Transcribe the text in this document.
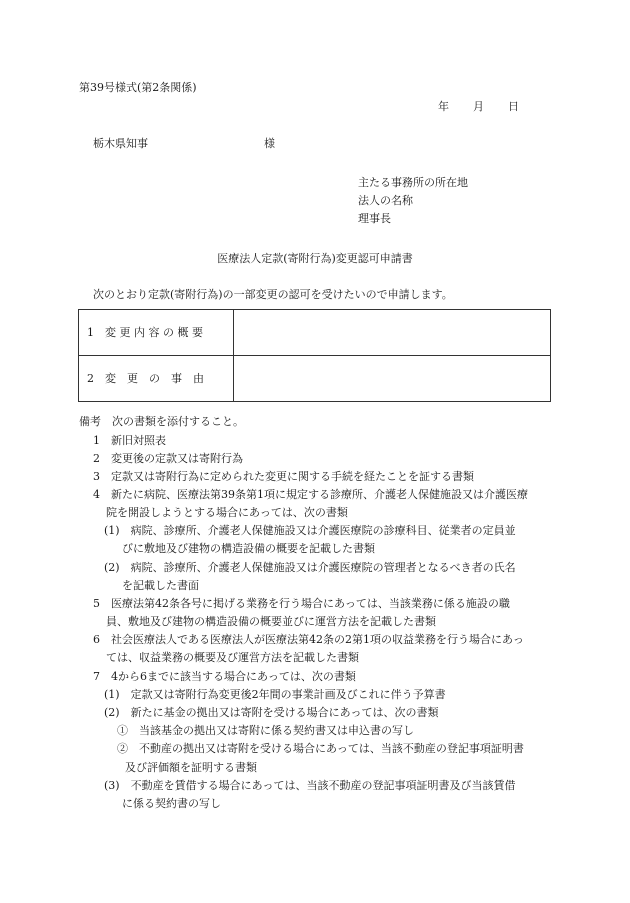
第39号様式(第2条関係)
年 月 日
栃木県知事	様
主たる事務所の所在地
法人の名称
理事長
医療法人定款(寄附行為)変更認可申請書
次のとおり定款(寄附行為)の一部変更の認可を受けたいので申請します。
1　変 更 内 容 の 概 要	
2　変　更　の　事　由	
備考　次の書類を添付すること。
1　新旧対照表
2　変更後の定款又は寄附行為
3　定款又は寄附行為に定められた変更に関する手続を経たことを証する書類
4　新たに病院、医療法第39条第1項に規定する診療所、介護老人保健施設又は介護医療
院を開設しようとする場合にあっては、次の書類
(1)　病院、診療所、介護老人保健施設又は介護医療院の診療科目、従業者の定員並
びに敷地及び建物の構造設備の概要を記載した書類
(2)　病院、診療所、介護老人保健施設又は介護医療院の管理者となるべき者の氏名
を記載した書面
5　医療法第42条各号に掲げる業務を行う場合にあっては、当該業務に係る施設の職
員、敷地及び建物の構造設備の概要並びに運営方法を記載した書類
6　社会医療法人である医療法人が医療法第42条の2第1項の収益業務を行う場合にあっ
ては、収益業務の概要及び運営方法を記載した書類
7　4から6までに該当する場合にあっては、次の書類
(1)　定款又は寄附行為変更後2年間の事業計画及びこれに伴う予算書
(2)　新たに基金の拠出又は寄附を受ける場合にあっては、次の書類
①　当該基金の拠出又は寄附に係る契約書又は申込書の写し
②　不動産の拠出又は寄附を受ける場合にあっては、当該不動産の登記事項証明書
及び評価額を証明する書類
(3)　不動産を賃借する場合にあっては、当該不動産の登記事項証明書及び当該賃借
に係る契約書の写し
